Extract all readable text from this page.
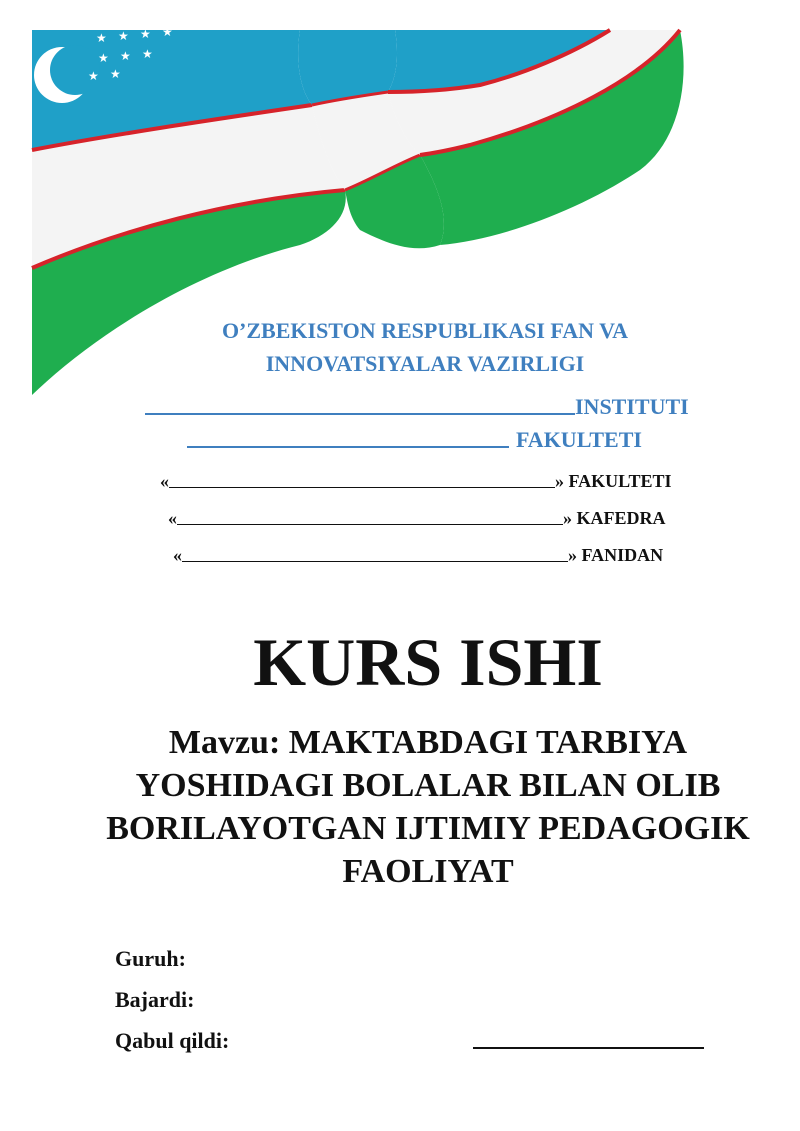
★ ★ ★ ★
★ ★ ★
★ ★
O’ZBEKISTON RESPUBLIKASI FAN VA
INNOVATSIYALAR VAZIRLIGI
INSTITUTI
FAKULTETI
«	» FAKULTETI
«	» KAFEDRA
«	» FANIDAN
KURS ISHI
Mavzu: MAKTABDAGI TARBIYA YOSHIDAGI BOLALAR BILAN OLIB BORILAYOTGAN IJTIMIY PEDAGOGIK FAOLIYAT
Guruh:
Bajardi:
Qabul qildi:
